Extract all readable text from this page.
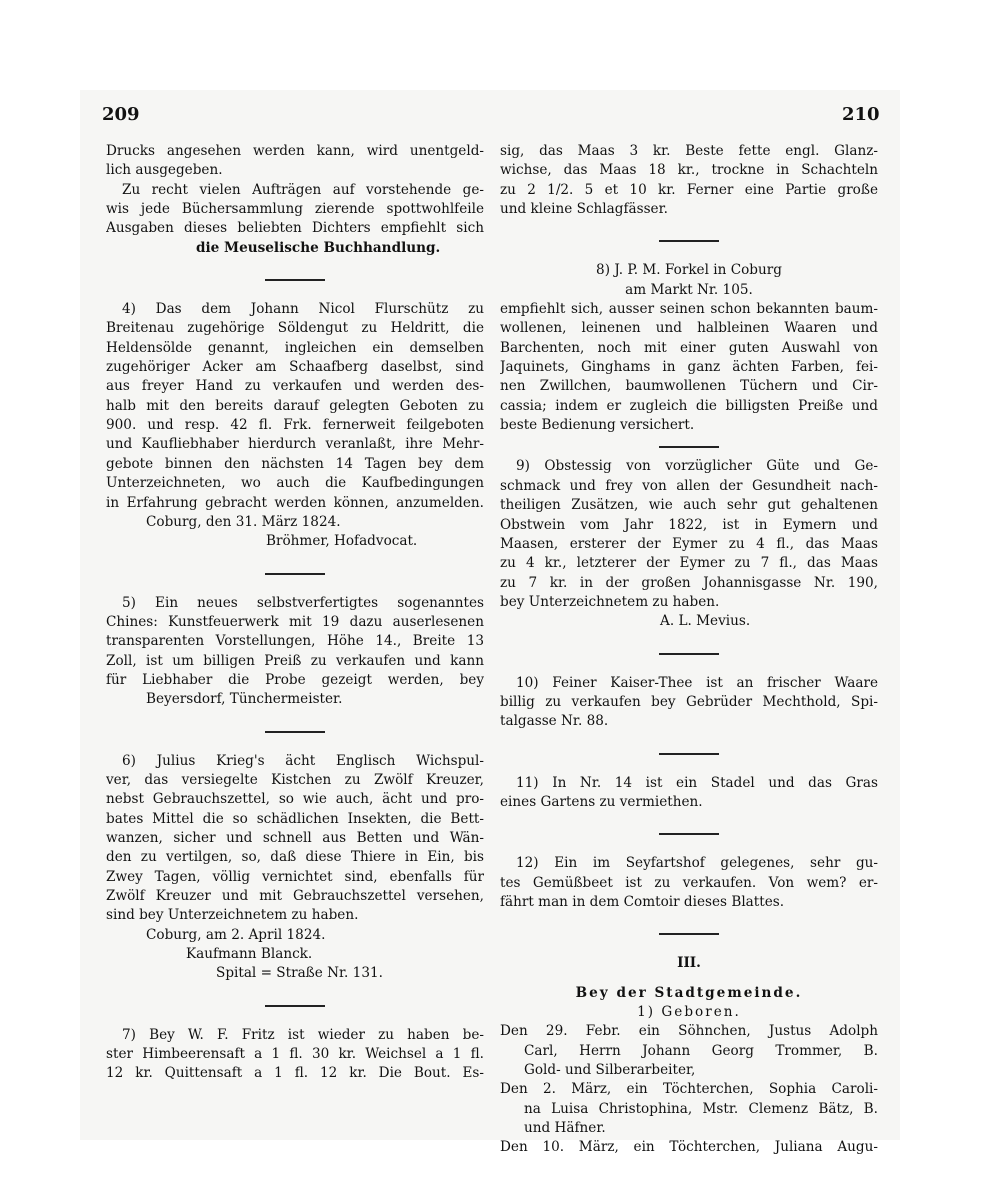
209	210
Drucks angesehen werden kann, wird unentgeld-
lich ausgegeben.
Zu recht vielen Aufträgen auf vorstehende ge-
wis jede Büchersammlung zierende spottwohlfeile
Ausgaben dieses beliebten Dichters empfiehlt sich
die Meuselische Buchhandlung.
4) Das dem Johann Nicol Flurschütz zu
Breitenau zugehörige Söldengut zu Heldritt, die
Heldensölde genannt, ingleichen ein demselben
zugehöriger Acker am Schaafberg daselbst, sind
aus freyer Hand zu verkaufen und werden des-
halb mit den bereits darauf gelegten Geboten zu
900. und resp. 42 fl. Frk. fernerweit feilgeboten
und Kaufliebhaber hierdurch veranlaßt, ihre Mehr-
gebote binnen den nächsten 14 Tagen bey dem
Unterzeichneten, wo auch die Kaufbedingungen
in Erfahrung gebracht werden können, anzumelden.
Coburg, den 31. März 1824.
Bröhmer, Hofadvocat.
5) Ein neues selbstverfertigtes sogenanntes
Chines: Kunstfeuerwerk mit 19 dazu auserlesenen
transparenten Vorstellungen, Höhe 14., Breite 13
Zoll, ist um billigen Preiß zu verkaufen und kann
für Liebhaber die Probe gezeigt werden, bey
Beyersdorf, Tünchermeister.
6) Julius Krieg's ächt Englisch Wichspul-
ver, das versiegelte Kistchen zu Zwölf Kreuzer,
nebst Gebrauchszettel, so wie auch, ächt und pro-
bates Mittel die so schädlichen Insekten, die Bett-
wanzen, sicher und schnell aus Betten und Wän-
den zu vertilgen, so, daß diese Thiere in Ein, bis
Zwey Tagen, völlig vernichtet sind, ebenfalls für
Zwölf Kreuzer und mit Gebrauchszettel versehen,
sind bey Unterzeichnetem zu haben.
Coburg, am 2. April 1824.
Kaufmann Blanck.
Spital = Straße Nr. 131.
7) Bey W. F. Fritz ist wieder zu haben be-
ster Himbeerensaft a 1 fl. 30 kr. Weichsel a 1 fl.
12 kr. Quittensaft a 1 fl. 12 kr. Die Bout. Es-
sig, das Maas 3 kr. Beste fette engl. Glanz-
wichse, das Maas 18 kr., trockne in Schachteln
zu 2 1/2. 5 et 10 kr. Ferner eine Partie große
und kleine Schlagfässer.
8) J. P. M. Forkel in Coburg
am Markt Nr. 105.
empfiehlt sich, ausser seinen schon bekannten baum-
wollenen, leinenen und halbleinen Waaren und
Barchenten, noch mit einer guten Auswahl von
Jaquinets, Ginghams in ganz ächten Farben, fei-
nen Zwillchen, baumwollenen Tüchern und Cir-
cassia; indem er zugleich die billigsten Preiße und
beste Bedienung versichert.
9) Obstessig von vorzüglicher Güte und Ge-
schmack und frey von allen der Gesundheit nach-
theiligen Zusätzen, wie auch sehr gut gehaltenen
Obstwein vom Jahr 1822, ist in Eymern und
Maasen, ersterer der Eymer zu 4 fl., das Maas
zu 4 kr., letzterer der Eymer zu 7 fl., das Maas
zu 7 kr. in der großen Johannisgasse Nr. 190,
bey Unterzeichnetem zu haben.
A. L. Mevius.
10) Feiner Kaiser-Thee ist an frischer Waare
billig zu verkaufen bey Gebrüder Mechthold, Spi-
talgasse Nr. 88.
11) In Nr. 14 ist ein Stadel und das Gras
eines Gartens zu vermiethen.
12) Ein im Seyfartshof gelegenes, sehr gu-
tes Gemüßbeet ist zu verkaufen. Von wem? er-
fährt man in dem Comtoir dieses Blattes.
III.
Bey der Stadtgemeinde.
1) Geboren.
Den 29. Febr. ein Söhnchen, Justus Adolph
Carl, Herrn Johann Georg Trommer, B.
Gold- und Silberarbeiter,
Den 2. März, ein Töchterchen, Sophia Caroli-
na Luisa Christophina, Mstr. Clemenz Bätz, B.
und Häfner.
Den 10. März, ein Töchterchen, Juliana Augu-
